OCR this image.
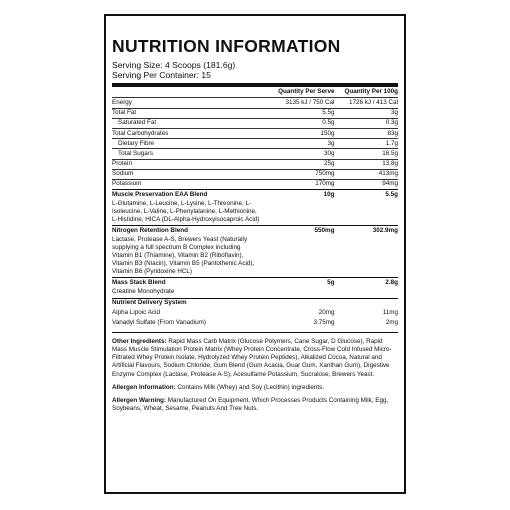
NUTRITION INFORMATION
Serving Size: 4 Scoops (181.6g)
Serving Per Container: 15
	Quantity Per Serve	Quantity Per 100g
Energy	3135 kJ / 750 Cal	1726 kJ / 413 Cal
Total Fat	5.5g	3g
Saturated Fat	0.5g	0.3g
Total Carbohydrates	150g	83g
Dietary Fibre	3g	1.7g
Total Sugars	30g	16.5g
Protein	25g	13.8g
Sodium	750mg	413mg
Potassium	170mg	94mg
Muscle Preservation EAA Blend	10g	5.5g
L-Glutamine, L-Leucine, L-Lysine, L-Threonine, L-Isoleucine, L-Valine, L-Phenylalanine, L-Methionine, L-Histidine, HICA (DL-Alpha-Hydroxyisocaproic Acid)		
Nitrogen Retention Blend	550mg	302.9mg
Lactase, Protease A-S, Brewers Yeast (Naturally supplying a full spectrum B Complex including Vitamin B1 (Thiamine), Vitamin B2 (Riboflavin), Vitamin B3 (Niacin), Vitamin B5 (Pantothenic Acid), Vitamin B6 (Pyridoxine HCL)		
Mass Stack Blend	5g	2.8g
Creatine Monohydrate		
Nutrient Delivery System		
Alpha Lipoic Acid	20mg	11mg
Vanadyl Sulfate (From Vanadium)	3.75mg	2mg
Other Ingredients: Rapid Mass Carb Matrix (Glucose Polymers, Cane Sugar, D Glucose), Rapid Mass Muscle Stimulation Protein Matrix (Whey Protein Concentrate, Cross-Flow Cold Infused Micro-Filtrated Whey Protein Isolate, Hydrolyzed Whey Protein Peptides), Alkalized Cocoa, Natural and Artificial Flavours, Sodium Chloride, Gum Blend (Gum Acacia, Guar Gum, Xanthan Gum), Digestive Enzyme Complex (Lactase, Protease A-S), Acesulfame Potassium, Sucralose, Brewers Yeast.
Allergen Information: Contains Milk (Whey) and Soy (Lecithin) ingredients.
Allergen Warning: Manufactured On Equipment, Which Processes Products Containing Milk, Egg, Soybeans, Wheat, Sesame, Peanuts And Tree Nuts.
